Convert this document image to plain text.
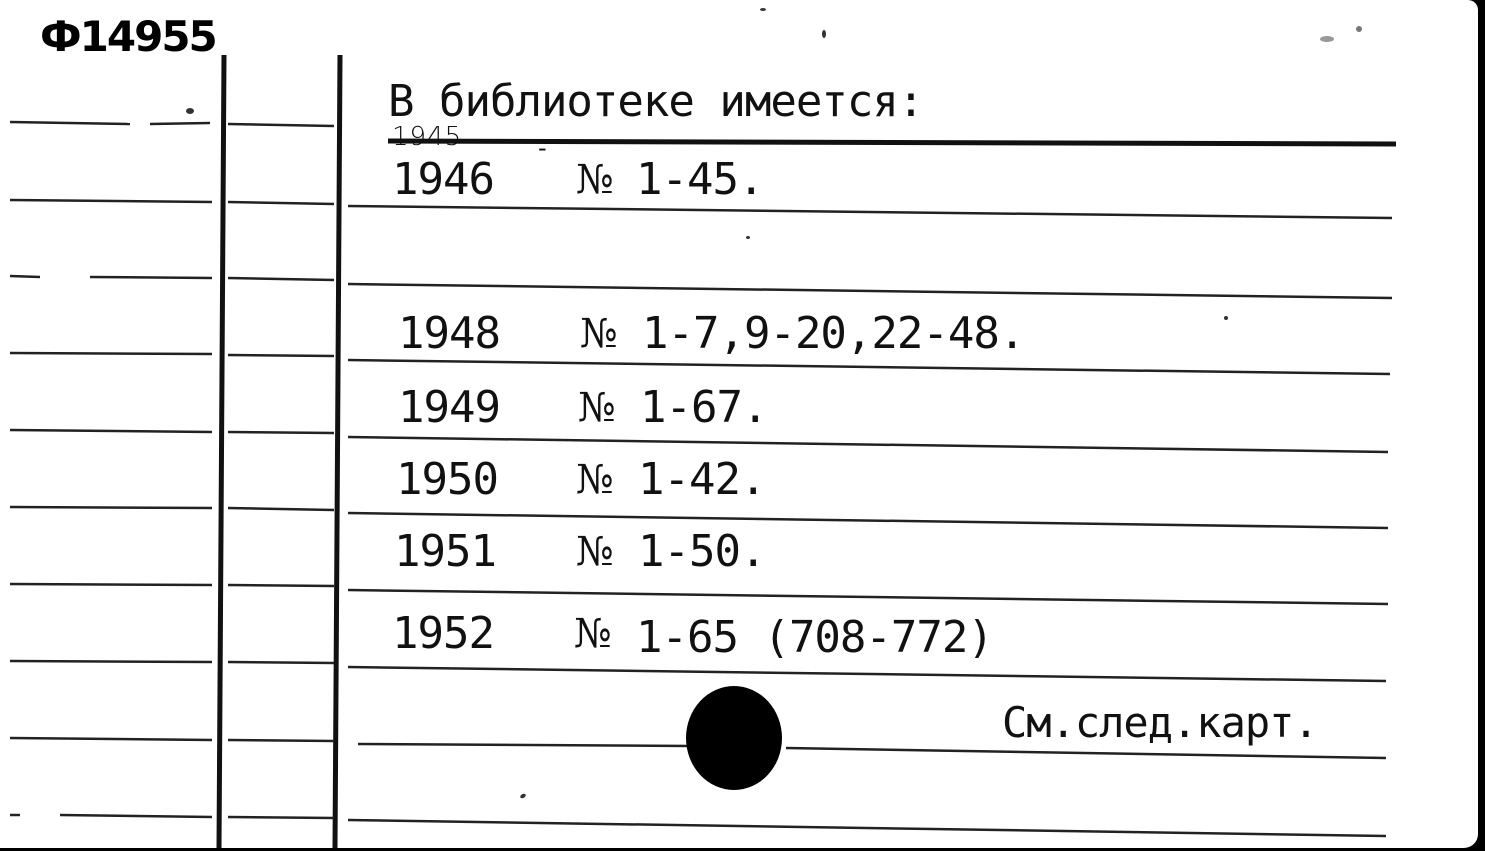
Ф14955
В библиотеке имеется:
1945	-
1946 № 1-45.
1948 № 1-7,9-20,22-48.
1949 № 1-67.
1950 № 1-42.
1951 № 1-50.
1952 № 1-65 (708-772)
См.след.карт.
